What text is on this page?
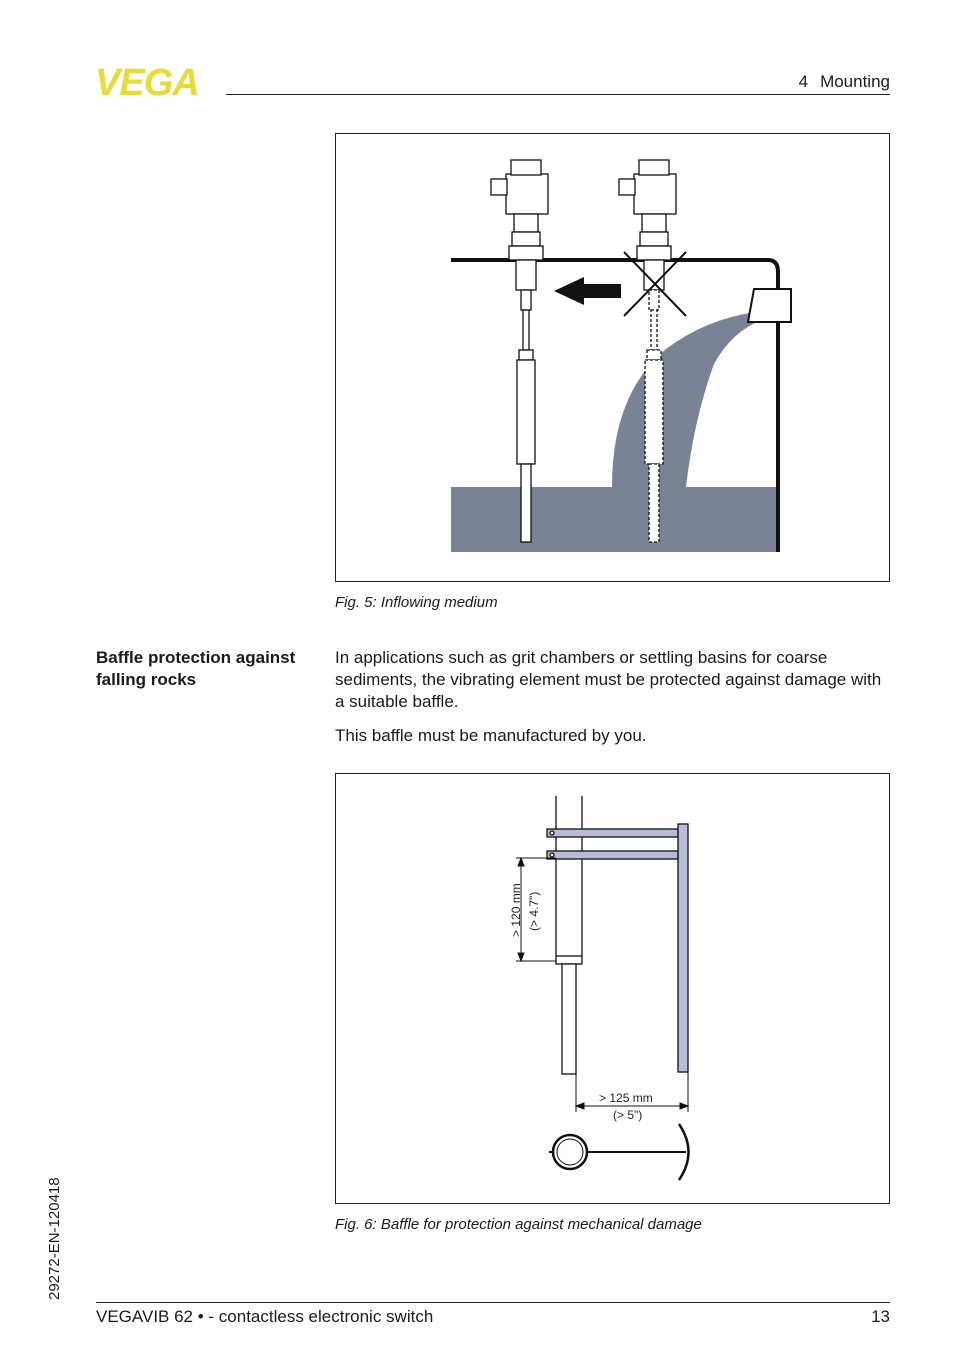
VEGA	4 Mounting
Fig. 5: Inflowing medium
Baffle protection against falling rocks
In applications such as grit chambers or settling basins for coarse sediments, the vibrating element must be protected against damage with a suitable baffle.
This baffle must be manufactured by you.
> 120 mm (> 4.7")
> 125 mm
(> 5")
Fig. 6: Baffle for protection against mechanical damage
29272-EN-120418
VEGAVIB 62 • - contactless electronic switch	13
